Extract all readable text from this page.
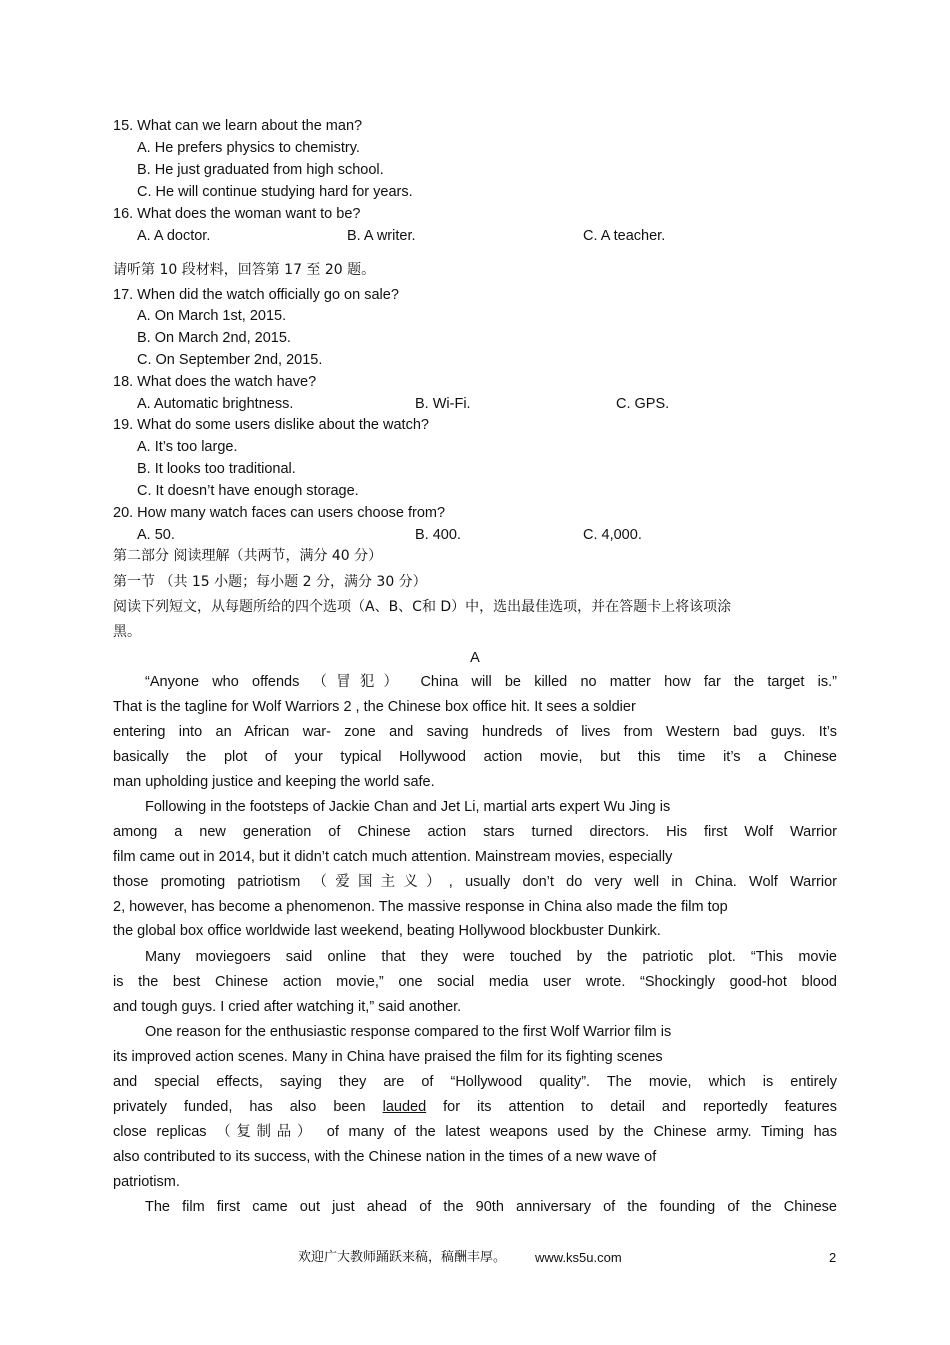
15. What can we learn about the man?
A. He prefers physics to chemistry.
B. He just graduated from high school.
C. He will continue studying hard for years.
16. What does the woman want to be?
A. A doctor.	B. A writer.	C. A teacher.
请听第 10 段材料，回答第 17 至 20 题。
17. When did the watch officially go on sale?
A. On March 1st, 2015.
B. On March 2nd, 2015.
C. On September 2nd, 2015.
18. What does the watch have?
A. Automatic brightness.	B. Wi-Fi.	C. GPS.
19. What do some users dislike about the watch?
A. It’s too large.
B. It looks too traditional.
C. It doesn’t have enough storage.
20. How many watch faces can users choose from?
A. 50.	B. 400.	C. 4,000.
第二部分 阅读理解（共两节，满分 40 分）
第一节 （共 15 小题；每小题 2 分，满分 30 分）
阅读下列短文，从每题所给的四个选项（A、B、C和 D）中，选出最佳选项，并在答题卡上将该项涂
黑。
A
“Anyone who offends （冒犯） China will be killed no matter how far the target is.”
That is the tagline for Wolf Warriors 2 , the Chinese box office hit. It sees a soldier
entering into an African war- zone and saving hundreds of lives from Western bad guys. It’s
basically the plot of your typical Hollywood action movie, but this time it’s a Chinese
man upholding justice and keeping the world safe.
Following in the footsteps of Jackie Chan and Jet Li, martial arts expert Wu Jing is
among a new generation of Chinese action stars turned directors. His first Wolf Warrior
film came out in 2014, but it didn’t catch much attention. Mainstream movies, especially
those promoting patriotism （爱国主义）, usually don’t do very well in China. Wolf Warrior
2, however, has become a phenomenon. The massive response in China also made the film top
the global box office worldwide last weekend, beating Hollywood blockbuster Dunkirk.
Many moviegoers said online that they were touched by the patriotic plot. “This movie
is the best Chinese action movie,” one social media user wrote. “Shockingly good-hot blood
and tough guys. I cried after watching it,” said another.
One reason for the enthusiastic response compared to the first Wolf Warrior film is
its improved action scenes. Many in China have praised the film for its fighting scenes
and special effects, saying they are of “Hollywood quality”. The movie, which is entirely
privately funded, has also been lauded for its attention to detail and reportedly features
close replicas （复制品） of many of the latest weapons used by the Chinese army. Timing has
also contributed to its success, with the Chinese nation in the times of a new wave of
patriotism.
The film first came out just ahead of the 90th anniversary of the founding of the Chinese
欢迎广大教师踊跃来稿，稿酬丰厚。 www.ks5u.com	2
